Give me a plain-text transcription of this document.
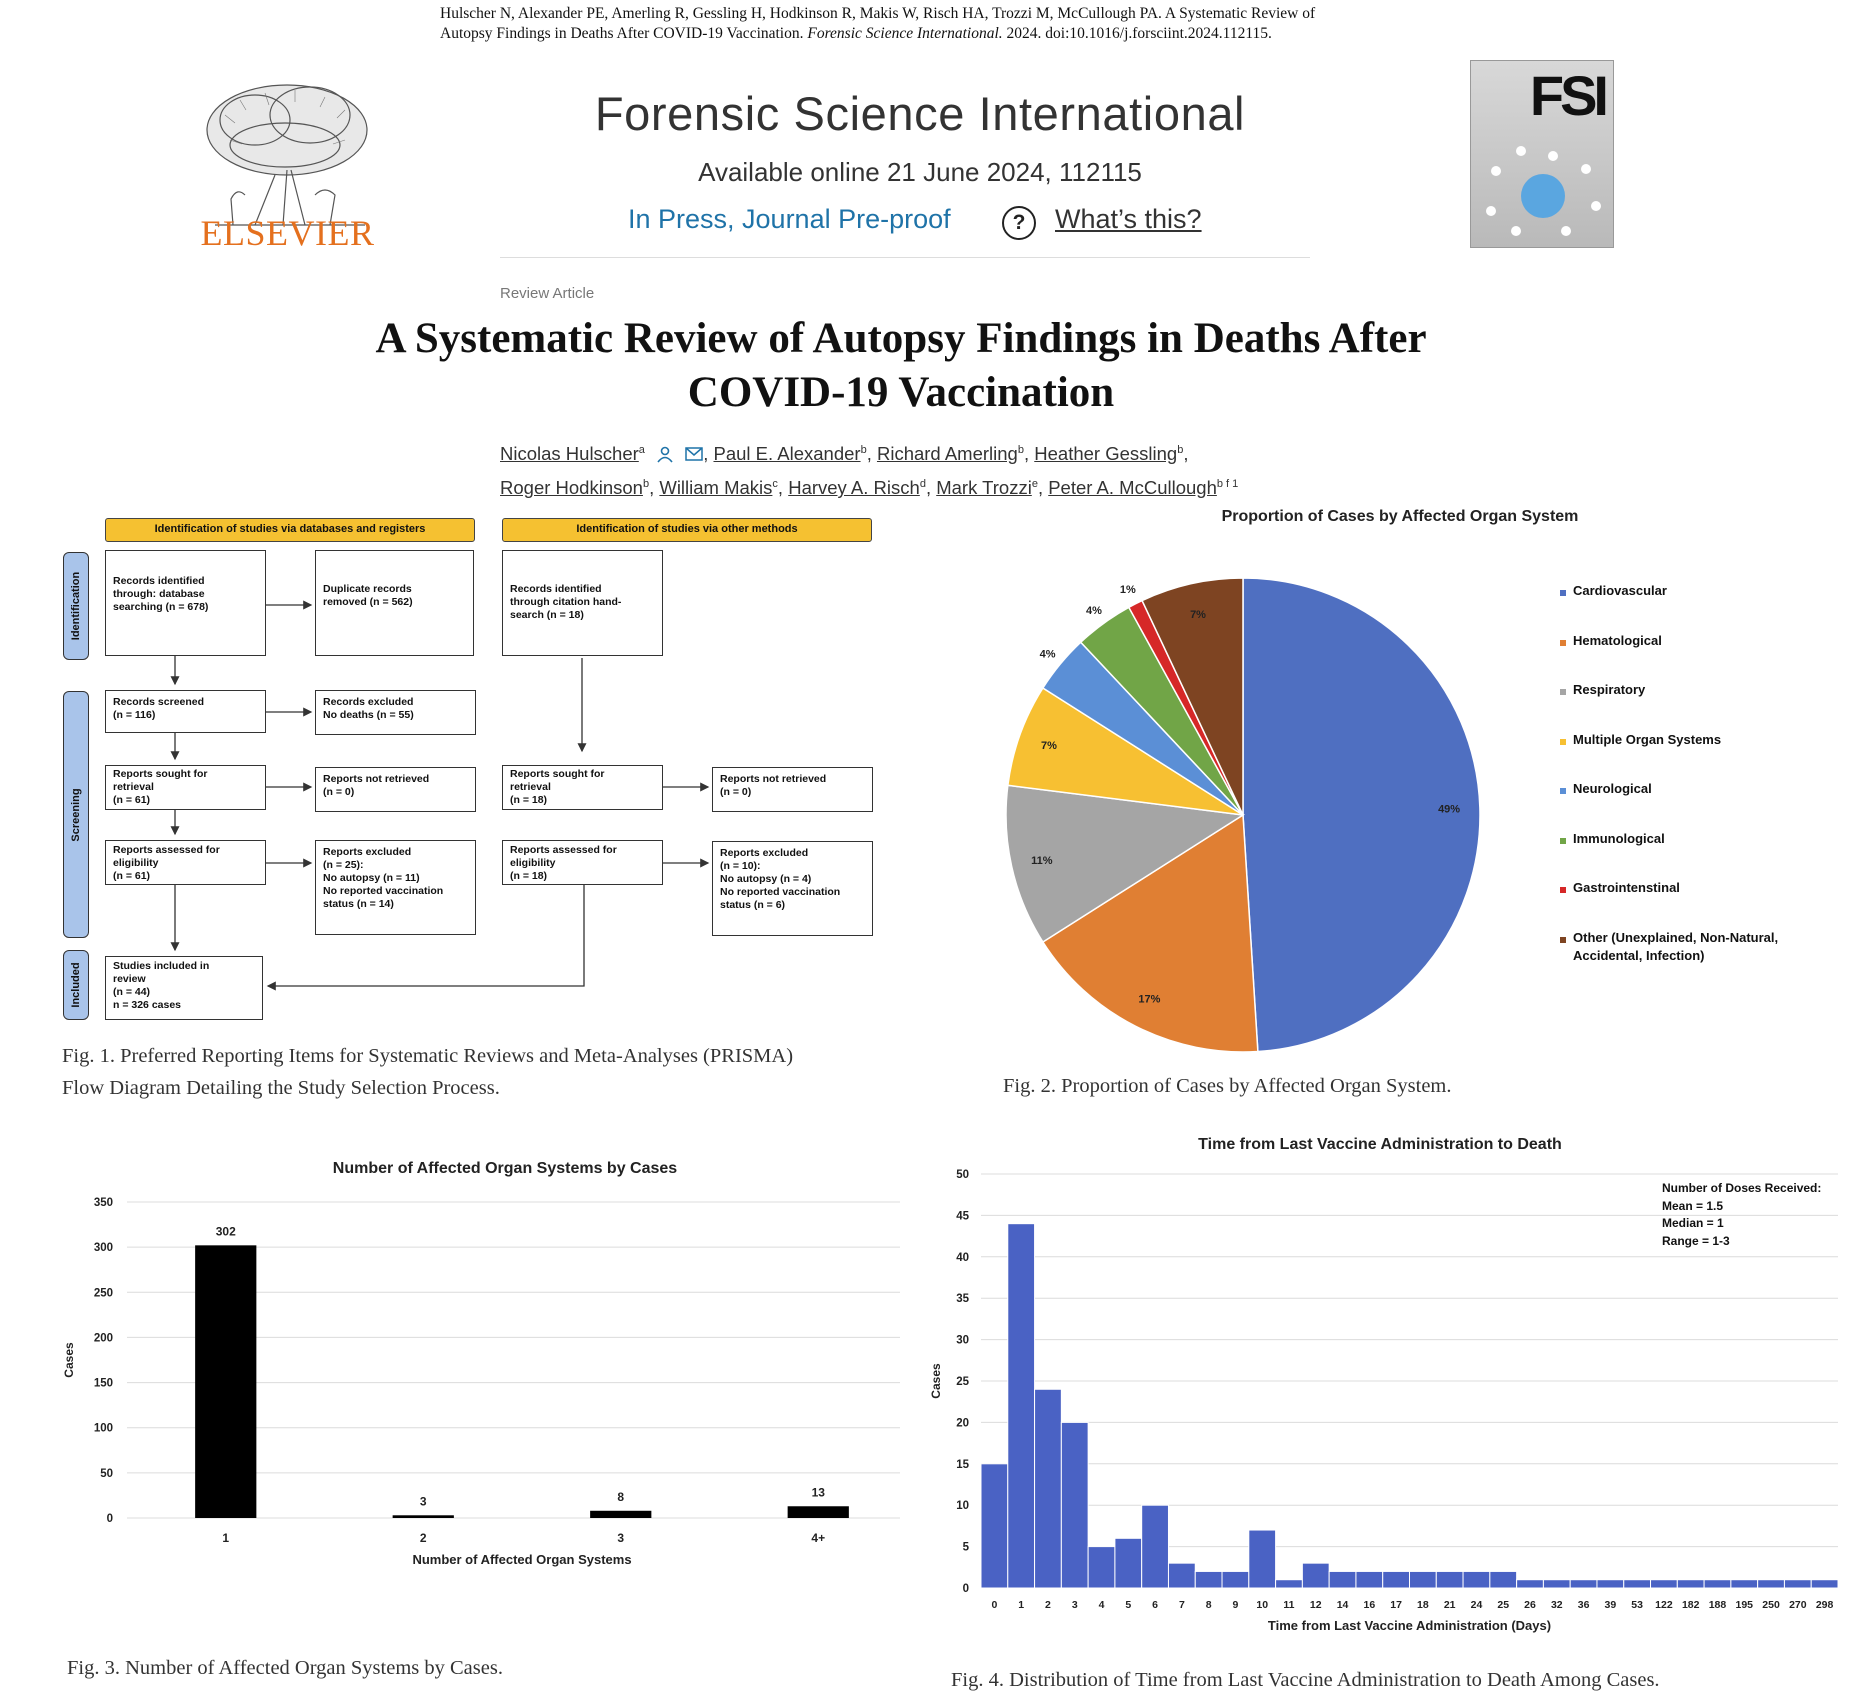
Hulscher N, Alexander PE, Amerling R, Gessling H, Hodkinson R, Makis W, Risch HA, Trozzi M, McCullough PA. A Systematic Review of
Autopsy Findings in Deaths After COVID-19 Vaccination. Forensic Science International. 2024. doi:10.1016/j.forsciint.2024.112115.
ELSEVIER
Forensic Science International
Available online 21 June 2024, 112115
In Press, Journal Pre-proof	?	What’s this?
FSI
Review Article
A Systematic Review of Autopsy Findings in Deaths After
COVID-19 Vaccination
Nicolas Hulscher$^a$	, Paul E. Alexander$^b$, Richard Amerling$^b$, Heather Gessling$^b$,
Roger Hodkinson$^b$, William Makis$^c$, Harvey A. Risch$^d$, Mark Trozzi$^e$, Peter A. McCullough$^{b f 1}$
Identification of studies via databases and registers	Identification of studies via other methods
Identification
Screening
Included
Records identified
through: database
searching (n = 678)
Duplicate records
removed (n = 562)
Records identified
through citation hand-
search (n = 18)
Records screened
(n = 116)
Records excluded
No deaths (n = 55)
Reports sought for
retrieval
(n = 61)
Reports not retrieved
(n = 0)
Reports sought for
retrieval
(n = 18)
Reports not retrieved
(n = 0)
Reports assessed for
eligibility
(n = 61)
Reports excluded
(n = 25):
No autopsy (n = 11)
No reported vaccination
status (n = 14)
Reports assessed for
eligibility
(n = 18)
Reports excluded
(n = 10):
No autopsy (n = 4)
No reported vaccination
status (n = 6)
Studies included in
review
(n = 44)
n = 326 cases
Fig. 1. Preferred Reporting Items for Systematic Reviews and Meta-Analyses (PRISMA)
Flow Diagram Detailing the Study Selection Process.
Proportion of Cases by Affected Organ System
49%
17%
11%
7%
4%
4%
1%
7%
Cardiovascular
Hematological
Respiratory
Multiple Organ Systems
Neurological
Immunological
Gastrointenstinal
Other (Unexplained, Non-Natural,
Accidental, Infection)
Fig. 2. Proportion of Cases by Affected Organ System.
Number of Affected Organ Systems by Cases
0
50
100
150
200
250
300
350
302
1
3
2
8
3
13
4+
Number of Affected Organ Systems
Cases
Fig. 3. Number of Affected Organ Systems by Cases.
Time from Last Vaccine Administration to Death
0
5
10
15
20
25
30
35
40
45
50
0 1 2 3 4 5 6 7 8 9 10 11 12 14 16 17 18 21 24 25 26 32 36 39 53 122 182 188 195 250 270 298
Time from Last Vaccine Administration (Days)
Cases
Number of Doses Received:
Mean = 1.5
Median = 1
Range = 1-3
Fig. 4. Distribution of Time from Last Vaccine Administration to Death Among Cases.
